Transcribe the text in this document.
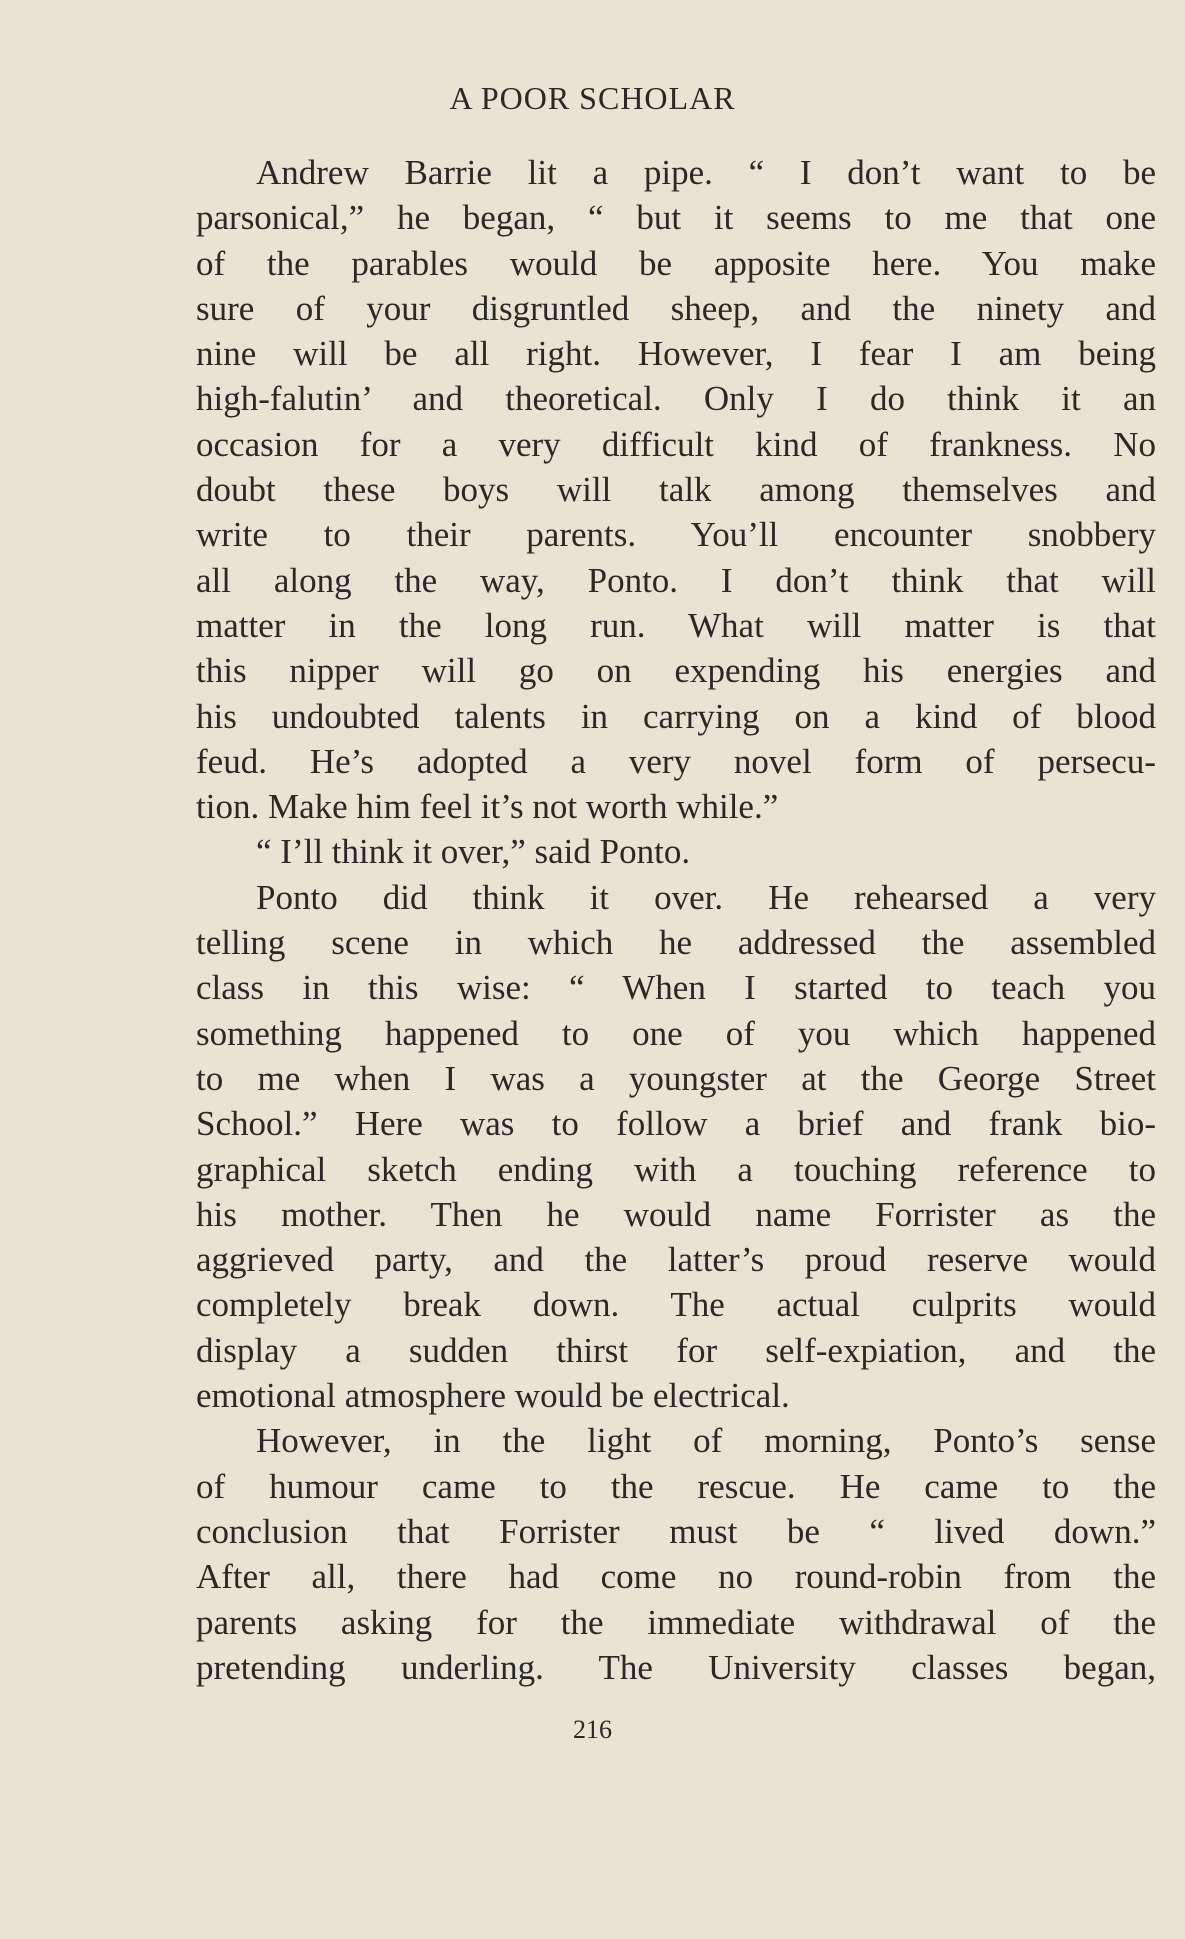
A POOR SCHOLAR
Andrew Barrie lit a pipe. “ I don’t want to be
parsonical,” he began, “ but it seems to me that one
of the parables would be apposite here. You make
sure of your disgruntled sheep, and the ninety and
nine will be all right. However, I fear I am being
high-falutin’ and theoretical. Only I do think it an
occasion for a very difficult kind of frankness. No
doubt these boys will talk among themselves and
write to their parents. You’ll encounter snobbery
all along the way, Ponto. I don’t think that will
matter in the long run. What will matter is that
this nipper will go on expending his energies and
his undoubted talents in carrying on a kind of blood
feud. He’s adopted a very novel form of persecu-
tion. Make him feel it’s not worth while.”
“ I’ll think it over,” said Ponto.
Ponto did think it over. He rehearsed a very
telling scene in which he addressed the assembled
class in this wise: “ When I started to teach you
something happened to one of you which happened
to me when I was a youngster at the George Street
School.” Here was to follow a brief and frank bio-
graphical sketch ending with a touching reference to
his mother. Then he would name Forrister as the
aggrieved party, and the latter’s proud reserve would
completely break down. The actual culprits would
display a sudden thirst for self-expiation, and the
emotional atmosphere would be electrical.
However, in the light of morning, Ponto’s sense
of humour came to the rescue. He came to the
conclusion that Forrister must be “ lived down.”
After all, there had come no round-robin from the
parents asking for the immediate withdrawal of the
pretending underling. The University classes began,
216
